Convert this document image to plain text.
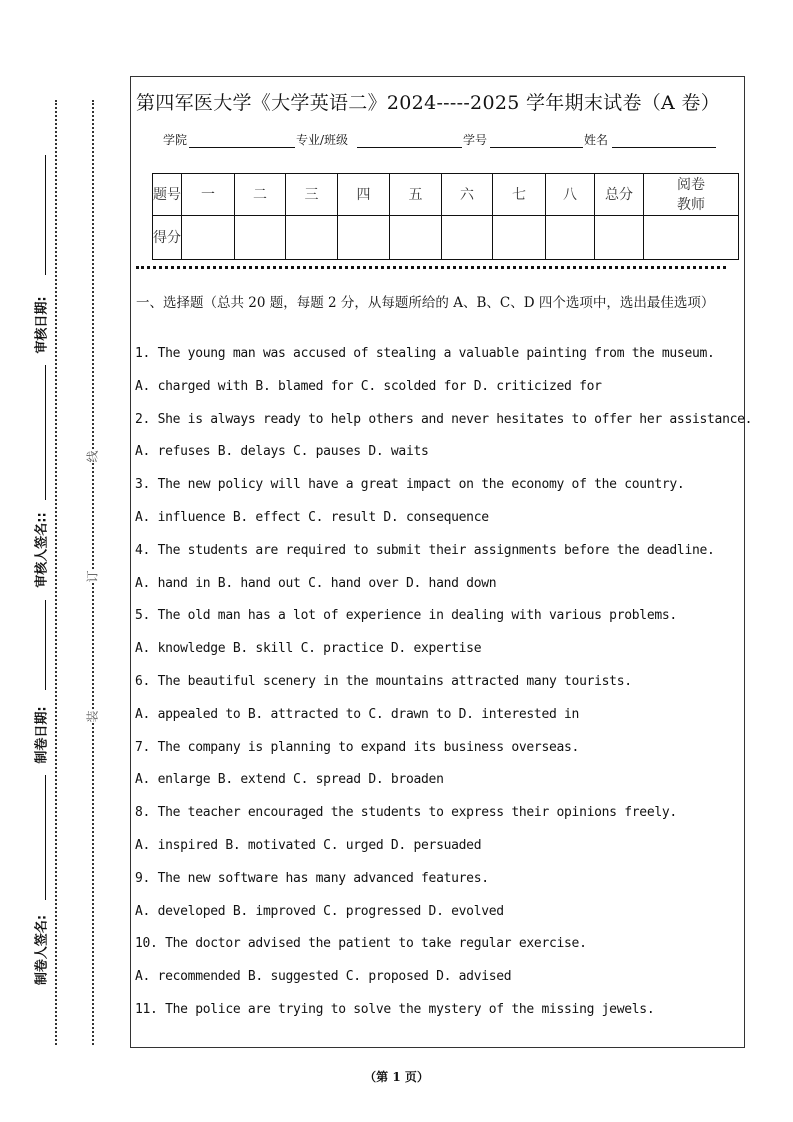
审核日期:
审核人签名::
制卷日期:
制卷人签名:
线
订
装
第四军医大学《大学英语二》2024-----2025 学年期末试卷（A 卷）
学院	专业/班级	学号	姓名
题号	一	二	三	四	五	六	七	八	总分	阅卷教师
得分										
一、选择题（总共 20 题，每题 2 分，从每题所给的 A、B、C、D 四个选项中，选出最佳选项）
1. The young man was accused of stealing a valuable painting from the museum.
A. charged with B. blamed for C. scolded for D. criticized for
2. She is always ready to help others and never hesitates to offer her assistance.
A. refuses B. delays C. pauses D. waits
3. The new policy will have a great impact on the economy of the country.
A. influence B. effect C. result D. consequence
4. The students are required to submit their assignments before the deadline.
A. hand in B. hand out C. hand over D. hand down
5. The old man has a lot of experience in dealing with various problems.
A. knowledge B. skill C. practice D. expertise
6. The beautiful scenery in the mountains attracted many tourists.
A. appealed to B. attracted to C. drawn to D. interested in
7. The company is planning to expand its business overseas.
A. enlarge B. extend C. spread D. broaden
8. The teacher encouraged the students to express their opinions freely.
A. inspired B. motivated C. urged D. persuaded
9. The new software has many advanced features.
A. developed B. improved C. progressed D. evolved
10. The doctor advised the patient to take regular exercise.
A. recommended B. suggested C. proposed D. advised
11. The police are trying to solve the mystery of the missing jewels.
（第 1 页）
